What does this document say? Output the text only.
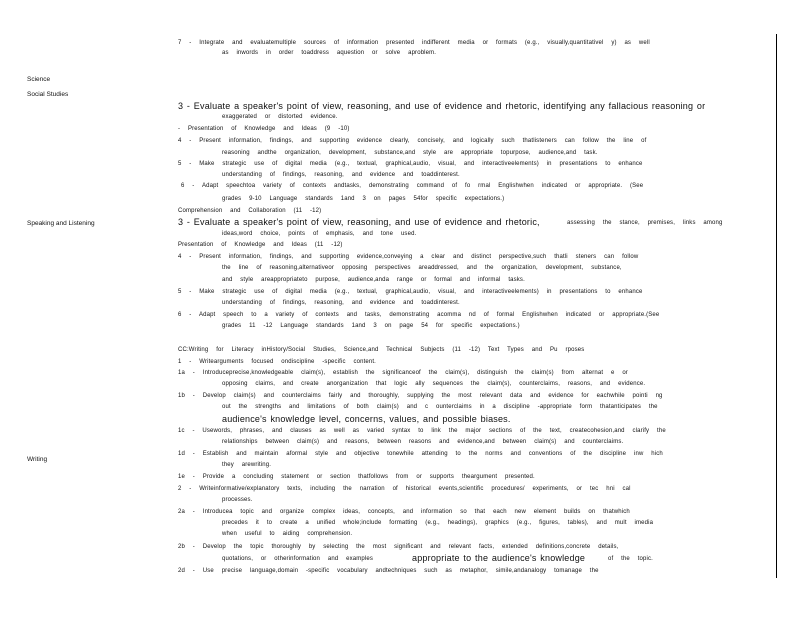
Science
Social Studies
Speaking and Listening
Writing
7 - Integrate and evaluatemultiple sources of information presented indifferent media or formats (e.g., visually,quantitativel y) as well
as inwords in order toaddress aquestion or solve aproblem.
3 - Evaluate a speaker's point of view, reasoning, and use of evidence and rhetoric, identifying any fallacious reasoning or
exaggerated or distorted evidence.
- Presentation of Knowledge and Ideas (9 -10)
4 - Present information, findings, and supporting evidence clearly, concisely, and logically such thatlisteners can follow the line of
reasoning andthe organization, development, substance,and style are appropriate topurpose, audience,and task.
5 - Make strategic use of digital media (e.g., textual, graphical,audio, visual, and interactiveelements) in presentations to enhance
understanding of findings, reasoning, and evidence and toaddinterest.
6 - Adapt speechtoa variety of contexts andtasks, demonstrating command of fo rmal Englishwhen indicated or appropriate. (See
grades 9-10 Language standards 1and 3 on pages 54for specific expectations.)
Comprehension and Collaboration (11 -12)
3 - Evaluate a speaker's point of view, reasoning, and use of evidence and rhetoric,	assessing the stance, premises, links among
ideas,word choice, points of emphasis, and tone used.
Presentation of Knowledge and Ideas (11 -12)
4 - Present information, findings, and supporting evidence,conveying a clear and distinct perspective,such thatli steners can follow
the line of reasoning,alternativeor opposing perspectives areaddressed, and the organization, development, substance,
and style areappropriateto purpose, audience,anda range or formal and informal tasks.
5 - Make strategic use of digital media (e.g., textual, graphical,audio, visual, and interactiveelements) in presentations to enhance
understanding of findings, reasoning, and evidence and toaddinterest.
6 - Adapt speech to a variety of contexts and tasks, demonstrating acomma nd of formal Englishwhen indicated or appropriate.(See
grades 11 -12 Language standards 1and 3 on page 54 for specific expectations.)
CC:Writing for Literacy inHistory/Social Studies, Science,and Technical Subjects (11 -12) Text Types and Pu rposes
1 - Writearguments focused ondiscipline -specific content.
1a - Introduceprecise,knowledgeable claim(s), establish the significanceof the claim(s), distinguish the claim(s) from alternat e or
opposing claims, and create anorganization that logic ally sequences the claim(s), counterclaims, reasons, and evidence.
1b - Develop claim(s) and counterclaims fairly and thoroughly, supplying the most relevant data and evidence for eachwhile pointi ng
out the strengths and limitations of both claim(s) and c ounterclaims in a discipline -appropriate form thatanticipates the
audience's knowledge level, concerns, values, and possible biases.
1c - Usewords, phrases, and clauses as well as varied syntax to link the major sections of the text, createcohesion,and clarify the
relationships between claim(s) and reasons, between reasons and evidence,and between claim(s) and counterclaims.
1d - Establish and maintain aformal style and objective tonewhile attending to the norms and conventions of the discipline inw hich
they arewriting.
1e - Provide a concluding statement or section thatfollows from or supports theargument presented.
2 - Writeinformative/explanatory texts, including the narration of historical events,scientific procedures/ experiments, or tec hni cal
processes.
2a - Introducea topic and organize complex ideas, concepts, and information so that each new element builds on thatwhich
precedes it to create a unified whole;include formatting (e.g., headings), graphics (e.g., figures, tables), and mult imedia
when useful to aiding comprehension.
2b - Develop the topic thoroughly by selecting the most significant and relevant facts, extended definitions,concrete details,
quotations, or otherinformation and examples	appropriate to the audience's knowledge	of the topic.
2d - Use precise language,domain -specific vocabulary andtechniques such as metaphor, simile,andanalogy tomanage the
